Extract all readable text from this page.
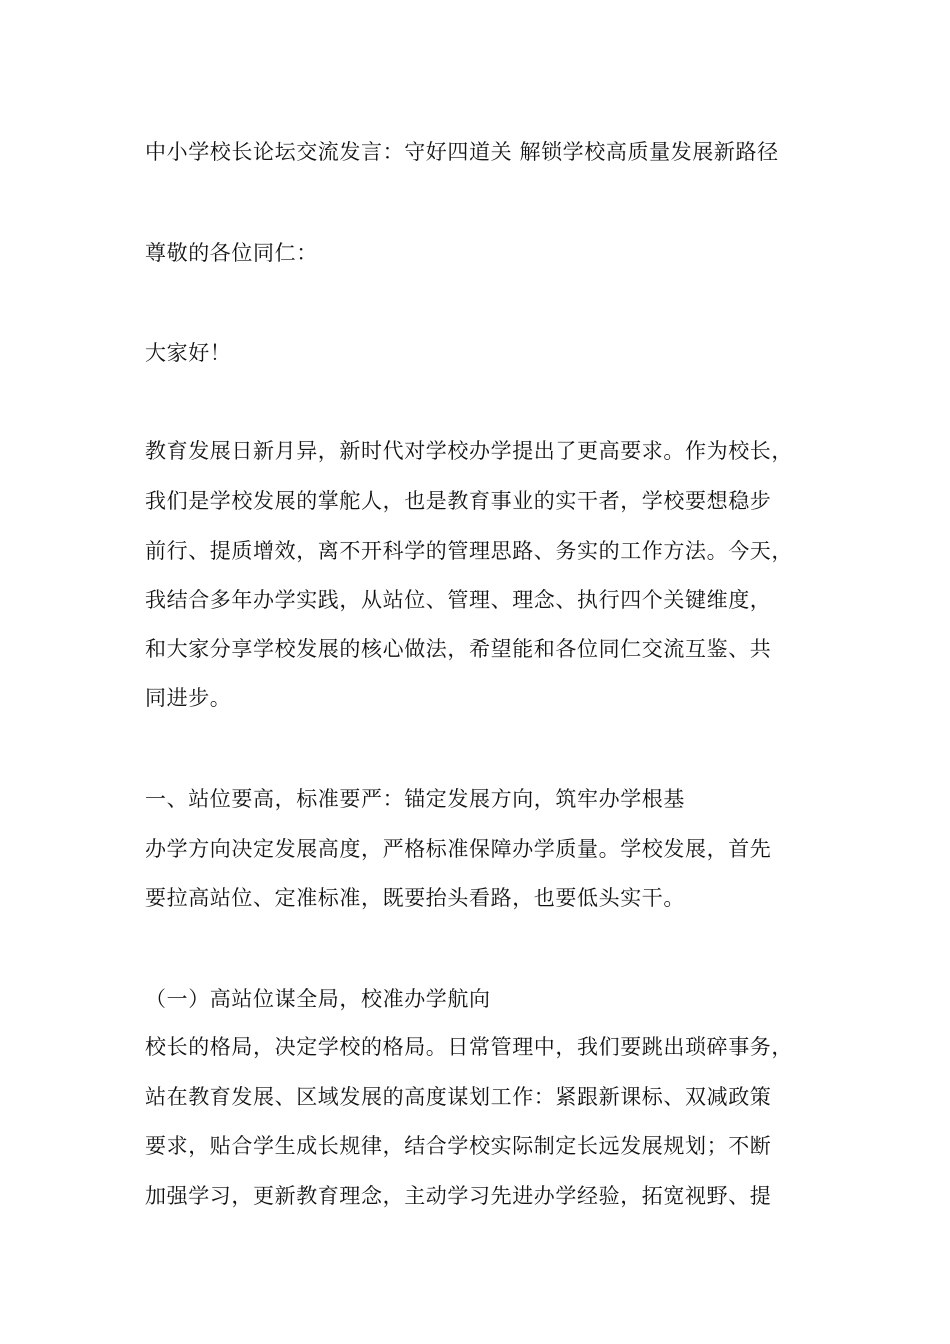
中小学校长论坛交流发言：守好四道关 解锁学校高质量发展新路径
尊敬的各位同仁：
大家好！
教育发展日新月异，新时代对学校办学提出了更高要求。作为校长，
我们是学校发展的掌舵人，也是教育事业的实干者，学校要想稳步
前行、提质增效，离不开科学的管理思路、务实的工作方法。今天，
我结合多年办学实践，从站位、管理、理念、执行四个关键维度，
和大家分享学校发展的核心做法，希望能和各位同仁交流互鉴、共
同进步。
一、站位要高，标准要严：锚定发展方向，筑牢办学根基
办学方向决定发展高度，严格标准保障办学质量。学校发展，首先
要拉高站位、定准标准，既要抬头看路，也要低头实干。
（一）高站位谋全局，校准办学航向
校长的格局，决定学校的格局。日常管理中，我们要跳出琐碎事务，
站在教育发展、区域发展的高度谋划工作：紧跟新课标、双减政策
要求，贴合学生成长规律，结合学校实际制定长远发展规划；不断
加强学习，更新教育理念，主动学习先进办学经验，拓宽视野、提
